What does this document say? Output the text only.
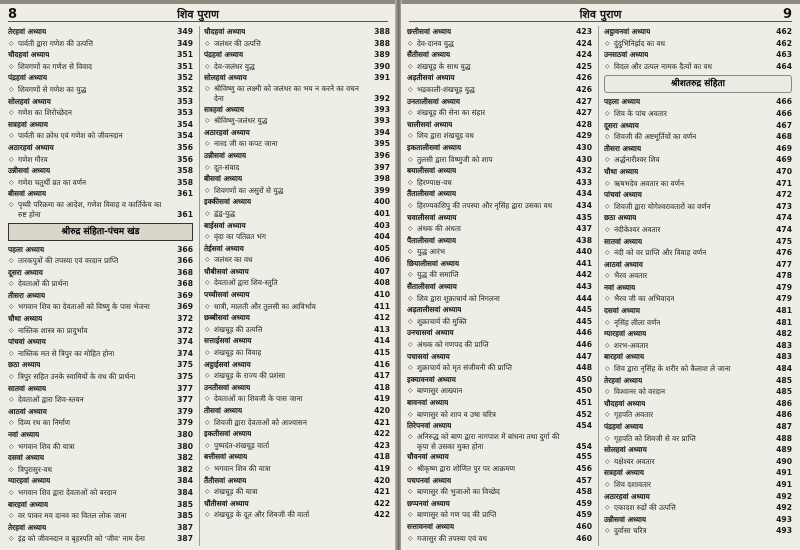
8	शिव पुराण
तेरहवां अध्याय	349
◇ पार्वती द्वारा गणेश की उत्पत्ति	349
चौदहवां अध्याय	351
◇ शिवगणों का गणेश से विवाद	351
पंद्रहवां अध्याय	352
◇ शिवगणों से गणेश का युद्ध	352
सोलहवां अध्याय	353
◇ गणेश का शिरोच्छेदन	353
सत्रहवां अध्याय	354
◇ पार्वती का क्रोध एवं गणेश को जीवनदान	354
अठारहवां अध्याय	356
◇ गणेश गौरव	356
उन्नीसवां अध्याय	358
◇ गणेश चतुर्थी व्रत का वर्णन	358
बीसवां अध्याय	361
◇ पृथ्वी परिक्रमा का आदेश, गणेश विवाह व कार्तिकेय का रुष्ट होना	361
श्रीरुद्र संहिता-पंचम खंड
पहला अध्याय	366
◇ तारकपुत्रों की तपस्या एवं वरदान प्राप्ति	366
दूसरा अध्याय	368
◇ देवताओं की प्रार्थना	368
तीसरा अध्याय	369
◇ भगवान शिव का देवताओं को विष्णु के पास भेजना	369
चौथा अध्याय	372
◇ नास्तिक शास्त्र का प्रादुर्भाव	372
पांचवां अध्याय	374
◇ नास्तिक मत से त्रिपुर का मोहित होना	374
छठा अध्याय	375
◇ त्रिपुर सहित उनके स्वामियों के वध की प्रार्थना	375
सातवां अध्याय	377
◇ देवताओं द्वारा शिव-स्तवन	377
आठवां अध्याय	379
◇ दिव्य रथ का निर्माण	379
नवां अध्याय	380
◇ भगवान शिव की यात्रा	380
दसवां अध्याय	382
◇ त्रिपुरासुर-वध	382
ग्यारहवां अध्याय	384
◇ भगवान शिव द्वारा देवताओं को वरदान	384
बारहवां अध्याय	385
◇ वर पाकर मय दानव का वितल लोक जाना	385
तेरहवां अध्याय	387
◇ इंद्र को जीवनदान व बृहस्पति को 'जीव' नाम देना	387
चौदहवां अध्याय	388
◇ जलंधर की उत्पत्ति	388
पंद्रहवां अध्याय	389
◇ देव-जलंधर युद्ध	390
सोलहवां अध्याय	391
◇ श्रीविष्णु का लक्ष्मी को जलंधर का भय न करने का वचन देना	392
सत्रहवां अध्याय	393
◇ श्रीविष्णु-जलंधर युद्ध	393
अठारहवां अध्याय	394
◇ नारद जी का कपट जाना	395
उन्नीसवां अध्याय	396
◇ दूत-संवाद	397
बीसवां अध्याय	398
◇ शिवगणों का असुरों से युद्ध	399
इक्कीसवां अध्याय	400
◇ द्वंद्व-युद्ध	401
बाईसवां अध्याय	403
◇ वृंदा का पतिव्रत भंग	404
तेईसवां अध्याय	405
◇ जलंधर का वध	406
चौबीसवां अध्याय	407
◇ देवताओं द्वारा शिव-स्तुति	408
पच्चीसवां अध्याय	410
◇ धात्री, मालती और तुलसी का आविर्भाव	411
छब्बीसवां अध्याय	412
◇ शंखचूड़ की उत्पत्ति	413
सत्ताईसवां अध्याय	414
◇ शंखचूड़ का विवाह	415
अट्ठाईसवां अध्याय	416
◇ शंखचूड़ के राज्य की प्रशंसा	417
उनतीसवां अध्याय	418
◇ देवताओं का शिवजी के पास जाना	419
तीसवां अध्याय	420
◇ शिवजी द्वारा देवताओं को आश्वासन	421
इकतीसवां अध्याय	422
◇ पुष्पदंत-शंखचूड़ वार्ता	423
बत्तीसवां अध्याय	418
◇ भगवान शिव की यात्रा	419
तैंतीसवां अध्याय	420
◇ शंखचूड़ की यात्रा	421
चौंतीसवां अध्याय	422
◇ शंखचूड़ के दूत और शिवजी की वार्ता	422
शिव पुराण	9
छत्तीसवां अध्याय	423
◇ देव-दानव युद्ध	424
सैंतीसवां अध्याय	424
◇ शंखचूड़ के साथ युद्ध	425
अड़तीसवां अध्याय	426
◇ भद्रकाली-शंखचूड़ युद्ध	426
उनतालीसवां अध्याय	427
◇ शंखचूड़ की सेना का संहार	427
चालीसवां अध्याय	428
◇ शिव द्वारा शंखचूड़ वध	429
इकतालीसवां अध्याय	430
◇ तुलसी द्वारा विष्णुजी को शाप	430
बयालीसवां अध्याय	432
◇ हिरण्याक्ष-वध	433
तैंतालीसवां अध्याय	434
◇ हिरण्यकशिपु की तपस्या और नृसिंह द्वारा उसका वध	434
चवालीसवां अध्याय	435
◇ अंधक की अंधता	437
पैंतालीसवां अध्याय	438
◇ युद्ध आरंभ	440
छियालीसवां अध्याय	441
◇ युद्ध की समाप्ति	442
सैंतालीसवां अध्याय	443
◇ शिव द्वारा शुक्राचार्य को निगलना	444
अड़तालीसवां अध्याय	445
◇ शुक्राचार्य की मुक्ति	445
उनचासवां अध्याय	446
◇ अंधक को गणपद की प्राप्ति	446
पचासवां अध्याय	447
◇ शुक्राचार्य को मृत संजीवनी की प्राप्ति	448
इक्यावनवां अध्याय	450
◇ बाणासुर आख्यान	450
बावनवां अध्याय	451
◇ बाणासुर को शाप व उषा चरित्र	452
तिरेपनवां अध्याय	454
◇ अनिरुद्ध को बाण द्वारा नागपाश में बांधना तथा दुर्गा की कृपा से उसका मुक्त होना	454
चौवनवां अध्याय	455
◇ श्रीकृष्ण द्वारा शोणित पुर पर आक्रमण	456
पचपनवां अध्याय	457
◇ बाणासुर की भुजाओं का विच्छेद	458
छप्पनवां अध्याय	459
◇ बाणासुर को गण पद की प्राप्ति	459
सत्तावनवां अध्याय	460
◇ गजासुर की तपस्या एवं वध	460
अट्ठावनवां अध्याय	462
◇ दुंदुभिनिर्ह्राद का वध	462
उनसठवां अध्याय	463
◇ विदल और उत्पल नामक दैत्यों का वध	464
श्रीशतरुद्र संहिता
पहला अध्याय	466
◇ शिव के पांच अवतार	466
दूसरा अध्याय	467
◇ शिवजी की अष्टमूर्तियों का वर्णन	468
तीसरा अध्याय	469
◇ अर्द्धनारीश्वर शिव	469
चौथा अध्याय	470
◇ ऋषभदेव अवतार का वर्णन	471
पांचवां अध्याय	472
◇ शिवजी द्वारा योगेश्वरावतारों का वर्णन	473
छठा अध्याय	474
◇ नंदीकेश्वर अवतार	474
सातवां अध्याय	475
◇ नंदी को वर प्राप्ति और विवाह वर्णन	476
आठवां अध्याय	477
◇ भैरव अवतार	478
नवां अध्याय	479
◇ भैरव जी का अभिवादन	479
दसवां अध्याय	481
◇ नृसिंह लीला वर्णन	481
ग्यारहवां अध्याय	482
◇ शरभ-अवतार	483
बारहवां अध्याय	483
◇ शिव द्वारा नृसिंह के शरीर को कैलाश ले जाना	484
तेरहवां अध्याय	485
◇ विश्वानर को वरदान	485
चौदहवां अध्याय	486
◇ गृहपति अवतार	486
पंद्रहवां अध्याय	487
◇ गृहपति को शिवजी से वर प्राप्ति	488
सोलहवां अध्याय	489
◇ यक्षेश्वर अवतार	490
सत्रहवां अध्याय	491
◇ शिव दशावतार	491
अठारहवां अध्याय	492
◇ एकादश रुद्रों की उत्पत्ति	492
उन्नीसवां अध्याय	493
◇ दुर्वासा चरित्र	493
